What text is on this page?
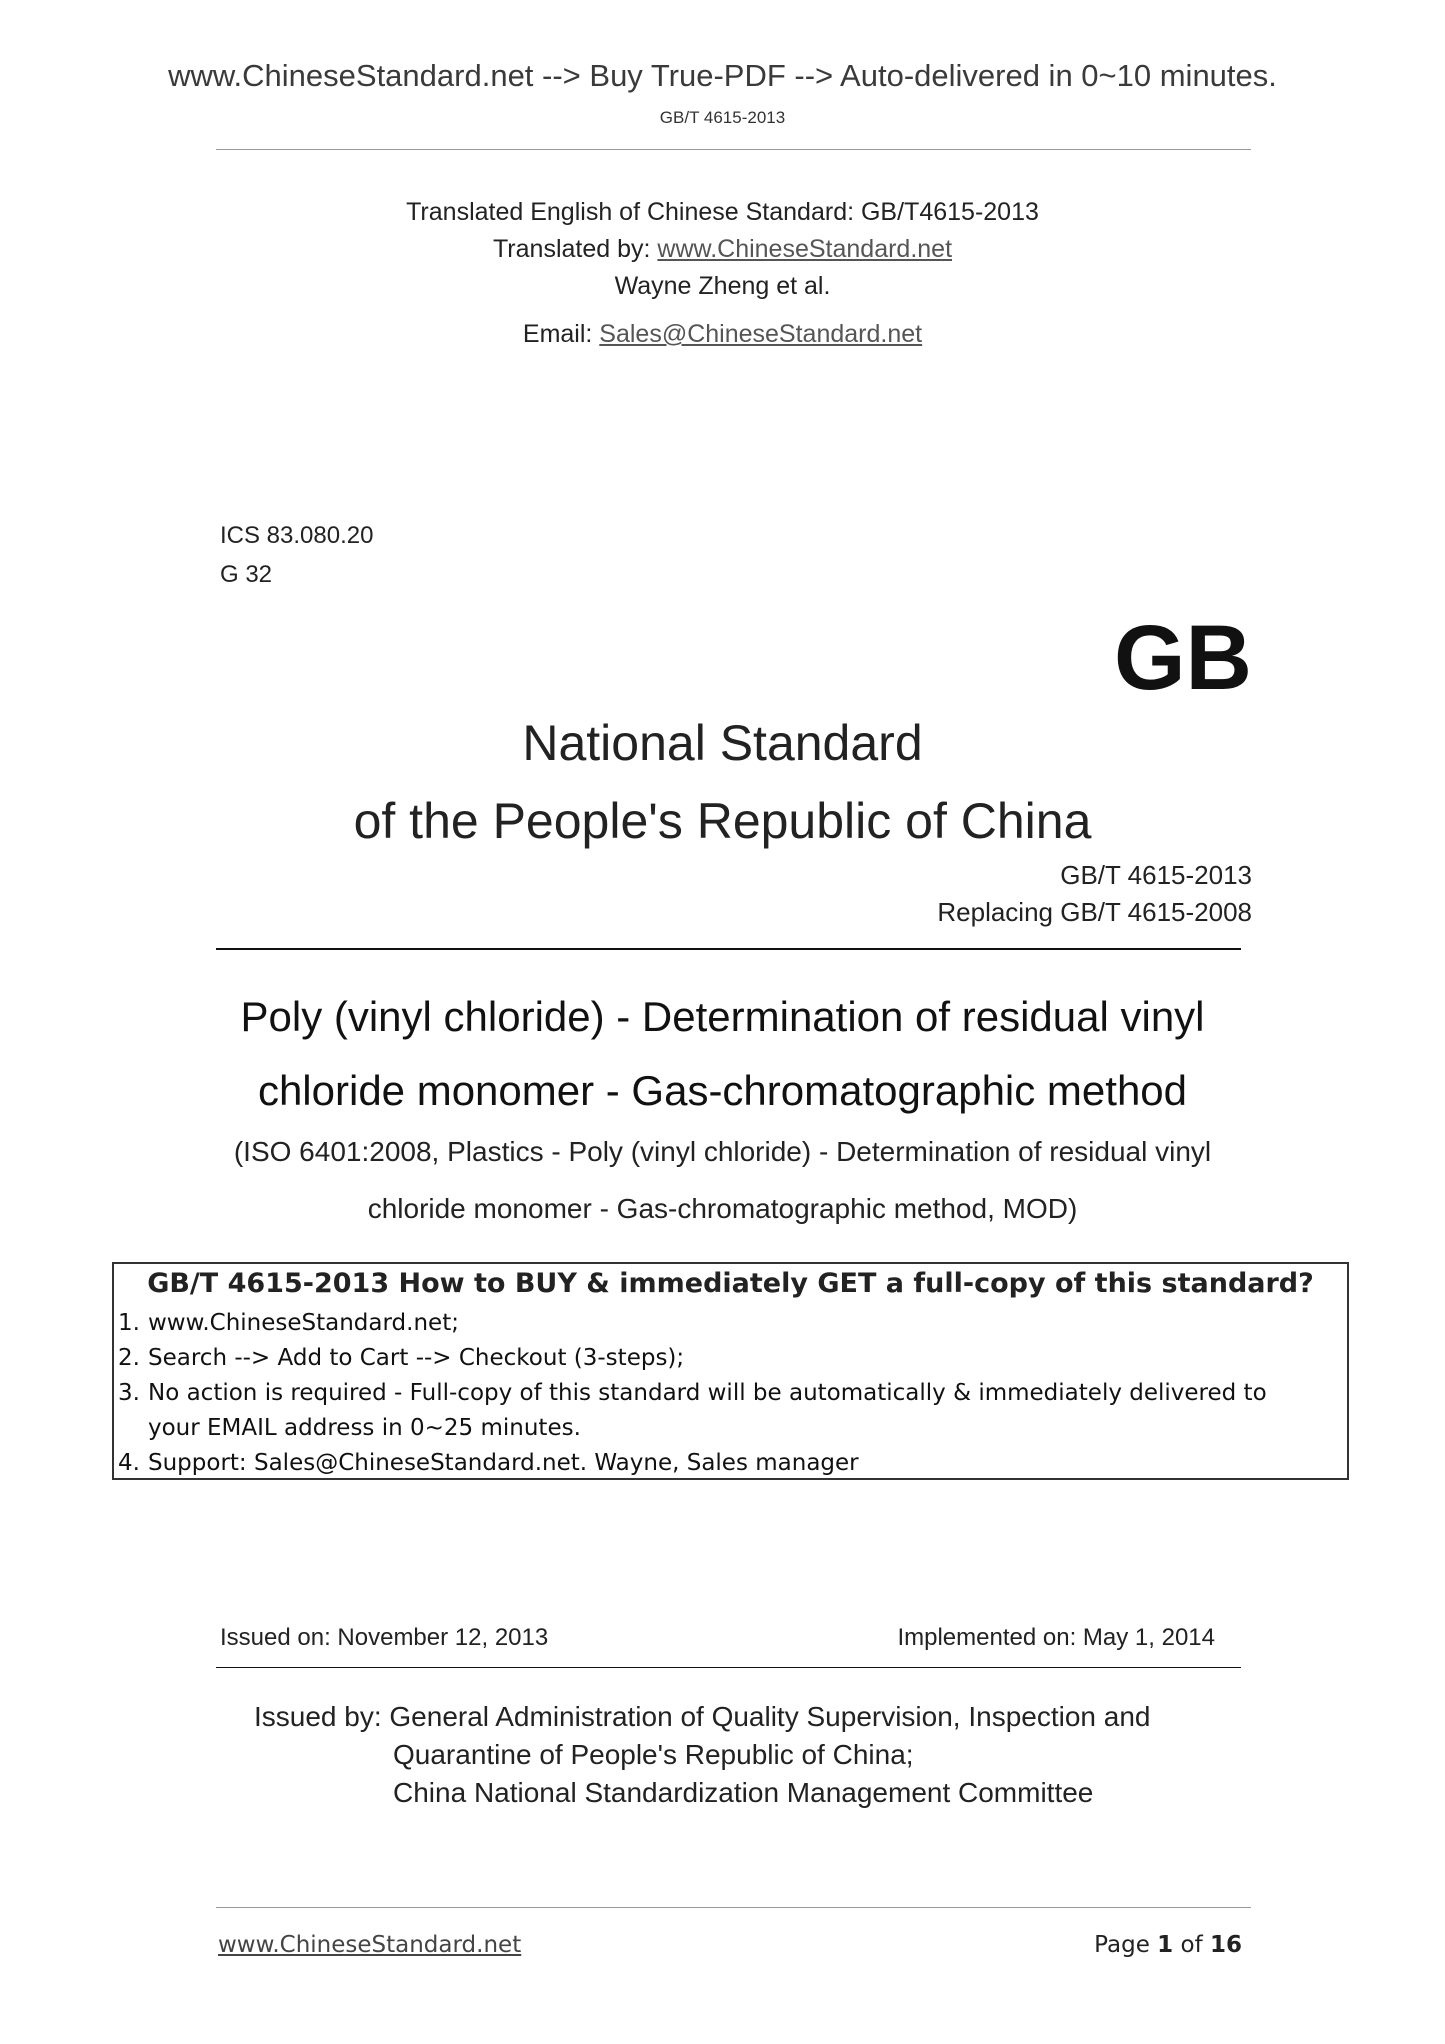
www.ChineseStandard.net --> Buy True-PDF --> Auto-delivered in 0~10 minutes.
GB/T 4615-2013
Translated English of Chinese Standard: GB/T4615-2013
Translated by: www.ChineseStandard.net
Wayne Zheng et al.
Email: Sales@ChineseStandard.net
ICS 83.080.20
G 32
GB
National Standard
of the People's Republic of China
GB/T 4615-2013
Replacing GB/T 4615-2008
Poly (vinyl chloride) - Determination of residual vinyl
chloride monomer - Gas-chromatographic method
(ISO 6401:2008, Plastics - Poly (vinyl chloride) - Determination of residual vinyl
chloride monomer - Gas-chromatographic method, MOD)
GB/T 4615-2013 How to BUY & immediately GET a full-copy of this standard?
1. www.ChineseStandard.net;
2. Search --> Add to Cart --> Checkout (3-steps);
3. No action is required - Full-copy of this standard will be automatically & immediately delivered to
your EMAIL address in 0~25 minutes.
4. Support: Sales@ChineseStandard.net. Wayne, Sales manager
Issued on: November 12, 2013	Implemented on: May 1, 2014
Issued by: General Administration of Quality Supervision, Inspection and
Quarantine of People's Republic of China;
China National Standardization Management Committee
www.ChineseStandard.net	Page 1 of 16
